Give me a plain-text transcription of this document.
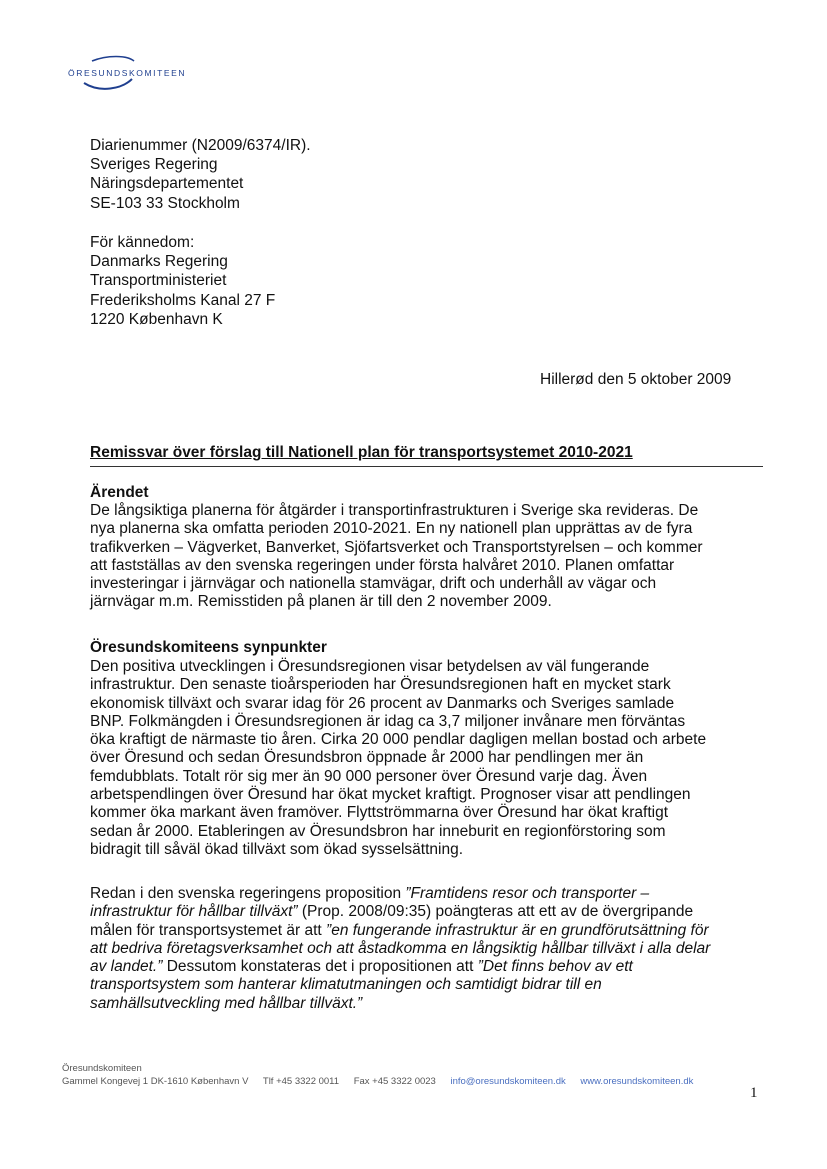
ÖRESUNDSKOMITEEN
Diarienummer (N2009/6374/IR).
Sveriges Regering
Näringsdepartementet
SE-103 33 Stockholm
För kännedom:
Danmarks Regering
Transportministeriet
Frederiksholms Kanal 27 F
1220 København K
Hillerød den 5 oktober 2009
Remissvar över förslag till Nationell plan för transportsystemet 2010-2021
Ärendet
De långsiktiga planerna för åtgärder i transportinfrastrukturen i Sverige ska revideras. De
nya planerna ska omfatta perioden 2010-2021. En ny nationell plan upprättas av de fyra
trafikverken – Vägverket, Banverket, Sjöfartsverket och Transportstyrelsen – och kommer
att fastställas av den svenska regeringen under första halvåret 2010. Planen omfattar
investeringar i järnvägar och nationella stamvägar, drift och underhåll av vägar och
järnvägar m.m. Remisstiden på planen är till den 2 november 2009.
Öresundskomiteens synpunkter
Den positiva utvecklingen i Öresundsregionen visar betydelsen av väl fungerande
infrastruktur. Den senaste tioårsperioden har Öresundsregionen haft en mycket stark
ekonomisk tillväxt och svarar idag för 26 procent av Danmarks och Sveriges samlade
BNP. Folkmängden i Öresundsregionen är idag ca 3,7 miljoner invånare men förväntas
öka kraftigt de närmaste tio åren. Cirka 20 000 pendlar dagligen mellan bostad och arbete
över Öresund och sedan Öresundsbron öppnade år 2000 har pendlingen mer än
femdubblats. Totalt rör sig mer än 90 000 personer över Öresund varje dag. Även
arbetspendlingen över Öresund har ökat mycket kraftigt. Prognoser visar att pendlingen
kommer öka markant även framöver. Flyttströmmarna över Öresund har ökat kraftigt
sedan år 2000. Etableringen av Öresundsbron har inneburit en regionförstoring som
bidragit till såväl ökad tillväxt som ökad sysselsättning.
Redan i den svenska regeringens proposition ”Framtidens resor och transporter –
infrastruktur för hållbar tillväxt” (Prop. 2008/09:35) poängteras att ett av de övergripande
målen för transportsystemet är att ”en fungerande infrastruktur är en grundförutsättning för
att bedriva företagsverksamhet och att åstadkomma en långsiktig hållbar tillväxt i alla delar
av landet.” Dessutom konstateras det i propositionen att ”Det finns behov av ett
transportsystem som hanterar klimatutmaningen och samtidigt bidrar till en
samhällsutveckling med hållbar tillväxt.”
Öresundskomiteen
Gammel Kongevej 1 DK-1610 København V Tlf +45 3322 0011 Fax +45 3322 0023 info@oresundskomiteen.dk www.oresundskomiteen.dk
1
